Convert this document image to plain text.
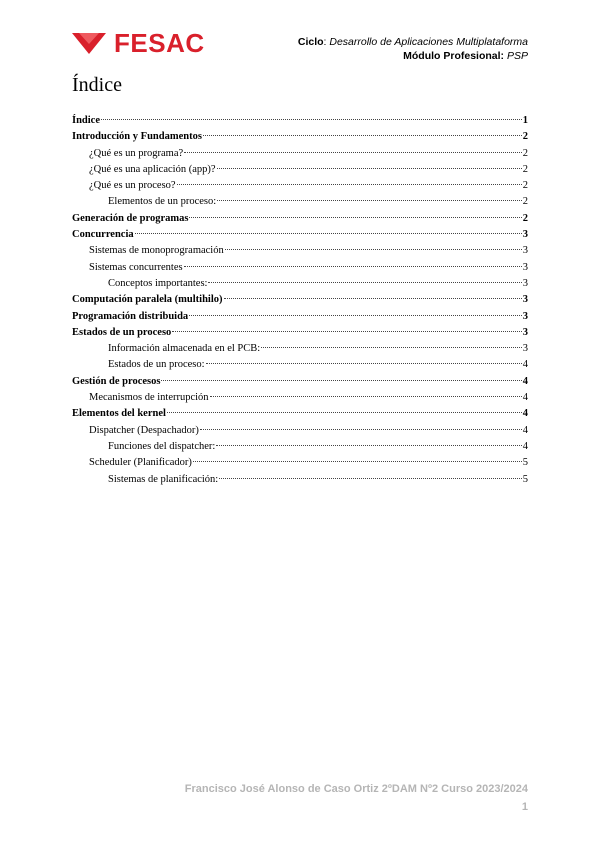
FESAC	Ciclo: Desarrollo de Aplicaciones Multiplataforma
Módulo Profesional: PSP
Índice
Índice	1
Introducción y Fundamentos	2
¿Qué es un programa?	2
¿Qué es una aplicación (app)?	2
¿Qué es un proceso?	2
Elementos de un proceso:	2
Generación de programas	2
Concurrencia	3
Sistemas de monoprogramación	3
Sistemas concurrentes	3
Conceptos importantes:	3
Computación paralela (multihilo)	3
Programación distribuida	3
Estados de un proceso	3
Información almacenada en el PCB:	3
Estados de un proceso:	4
Gestión de procesos	4
Mecanismos de interrupción	4
Elementos del kernel	4
Dispatcher (Despachador)	4
Funciones del dispatcher:	4
Scheduler (Planificador)	5
Sistemas de planificación:	5
Francisco José Alonso de Caso Ortiz 2ºDAM Nº2 Curso 2023/2024
1
